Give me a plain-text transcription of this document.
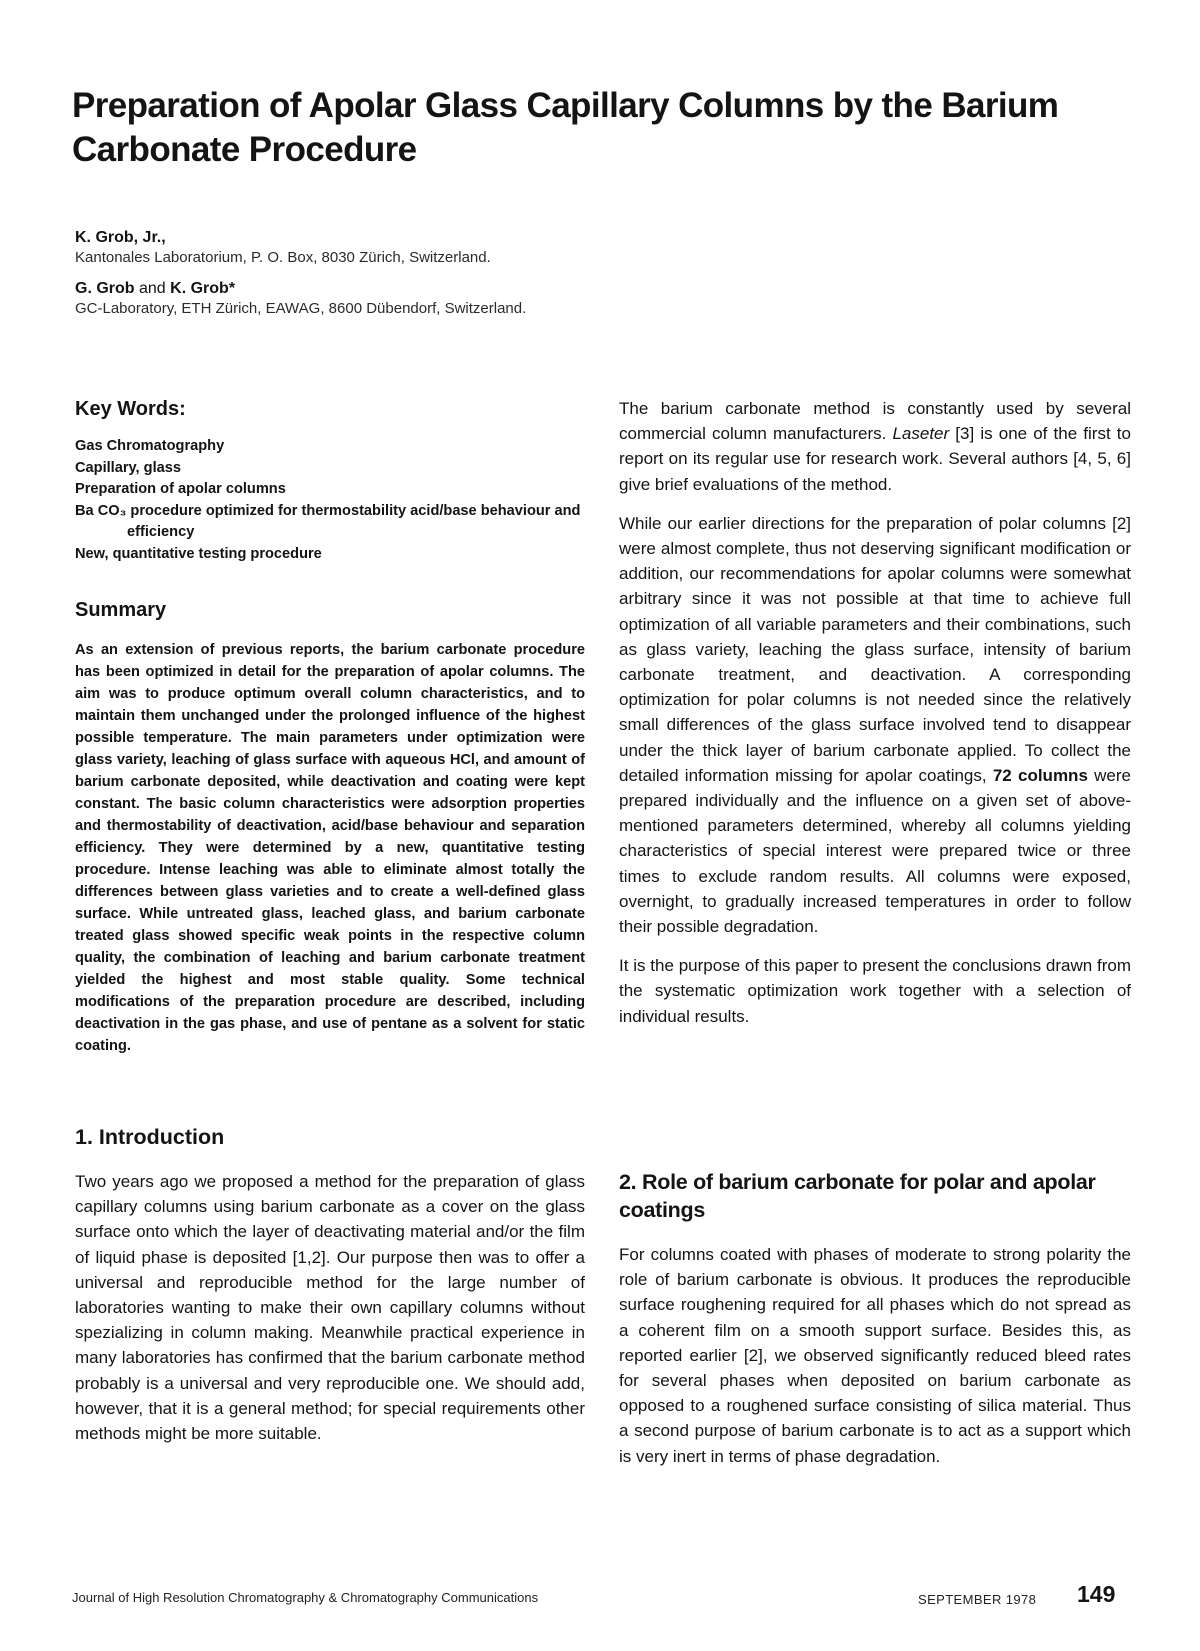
Preparation of Apolar Glass Capillary Columns by the Barium Carbonate Procedure
K. Grob, Jr.,
Kantonales Laboratorium, P. O. Box, 8030 Zürich, Switzerland.
G. Grob and K. Grob*
GC-Laboratory, ETH Zürich, EAWAG, 8600 Dübendorf, Switzerland.
Key Words:
Gas Chromatography
Capillary, glass
Preparation of apolar columns
Ba CO₃ procedure optimized for thermostability acid/base behaviour and efficiency
New, quantitative testing procedure
Summary

As an extension of previous reports, the barium carbonate procedure has been optimized in detail for the preparation of apolar columns. The aim was to produce optimum overall column characteristics, and to maintain them unchanged under the prolonged influence of the highest possible temperature. The main parameters under optimization were glass variety, leaching of glass surface with aqueous HCl, and amount of barium carbonate deposited, while deactivation and coating were kept constant. The basic column characteristics were adsorption properties and thermostability of deactivation, acid/base behaviour and separation efficiency. They were determined by a new, quantitative testing procedure. Intense leaching was able to eliminate almost totally the differences between glass varieties and to create a well-defined glass surface. While untreated glass, leached glass, and barium carbonate treated glass showed specific weak points in the respective column quality, the combination of leaching and barium carbonate treatment yielded the highest and most stable quality. Some technical modifications of the preparation procedure are described, including deactivation in the gas phase, and use of pentane as a solvent for static coating.

1. Introduction

Two years ago we proposed a method for the preparation of glass capillary columns using barium carbonate as a cover on the glass surface onto which the layer of deactivating material and/or the film of liquid phase is deposited [1,2]. Our purpose then was to offer a universal and reproducible method for the large number of laboratories wanting to make their own capillary columns without spezializing in column making. Meanwhile practical experience in many laboratories has confirmed that the barium carbonate method probably is a universal and very reproducible one. We should add, however, that it is a general method; for special requirements other methods might be more suitable.

The barium carbonate method is constantly used by several commercial column manufacturers. Laseter [3] is one of the first to report on its regular use for research work. Several authors [4, 5, 6] give brief evaluations of the method.

While our earlier directions for the preparation of polar columns [2] were almost complete, thus not deserving significant modification or addition, our recommendations for apolar columns were somewhat arbitrary since it was not possible at that time to achieve full optimization of all variable parameters and their combinations, such as glass variety, leaching the glass surface, intensity of barium carbonate treatment, and deactivation. A corresponding optimization for polar columns is not needed since the relatively small differences of the glass surface involved tend to disappear under the thick layer of barium carbonate applied. To collect the detailed information missing for apolar coatings, 72 columns were prepared individually and the influence on a given set of above-mentioned parameters determined, whereby all columns yielding characteristics of special interest were prepared twice or three times to exclude random results. All columns were exposed, overnight, to gradually increased temperatures in order to follow their possible degradation.

It is the purpose of this paper to present the conclusions drawn from the systematic optimization work together with a selection of individual results.

2. Role of barium carbonate for polar and apolar coatings

For columns coated with phases of moderate to strong polarity the role of barium carbonate is obvious. It produces the reproducible surface roughening required for all phases which do not spread as a coherent film on a smooth support surface. Besides this, as reported earlier [2], we observed significantly reduced bleed rates for several phases when deposited on barium carbonate as opposed to a roughened surface consisting of silica material. Thus a second purpose of barium carbonate is to act as a support which is very inert in terms of phase degradation.

Journal of High Resolution Chromatography & Chromatography Communications	SEPTEMBER 1978 149
